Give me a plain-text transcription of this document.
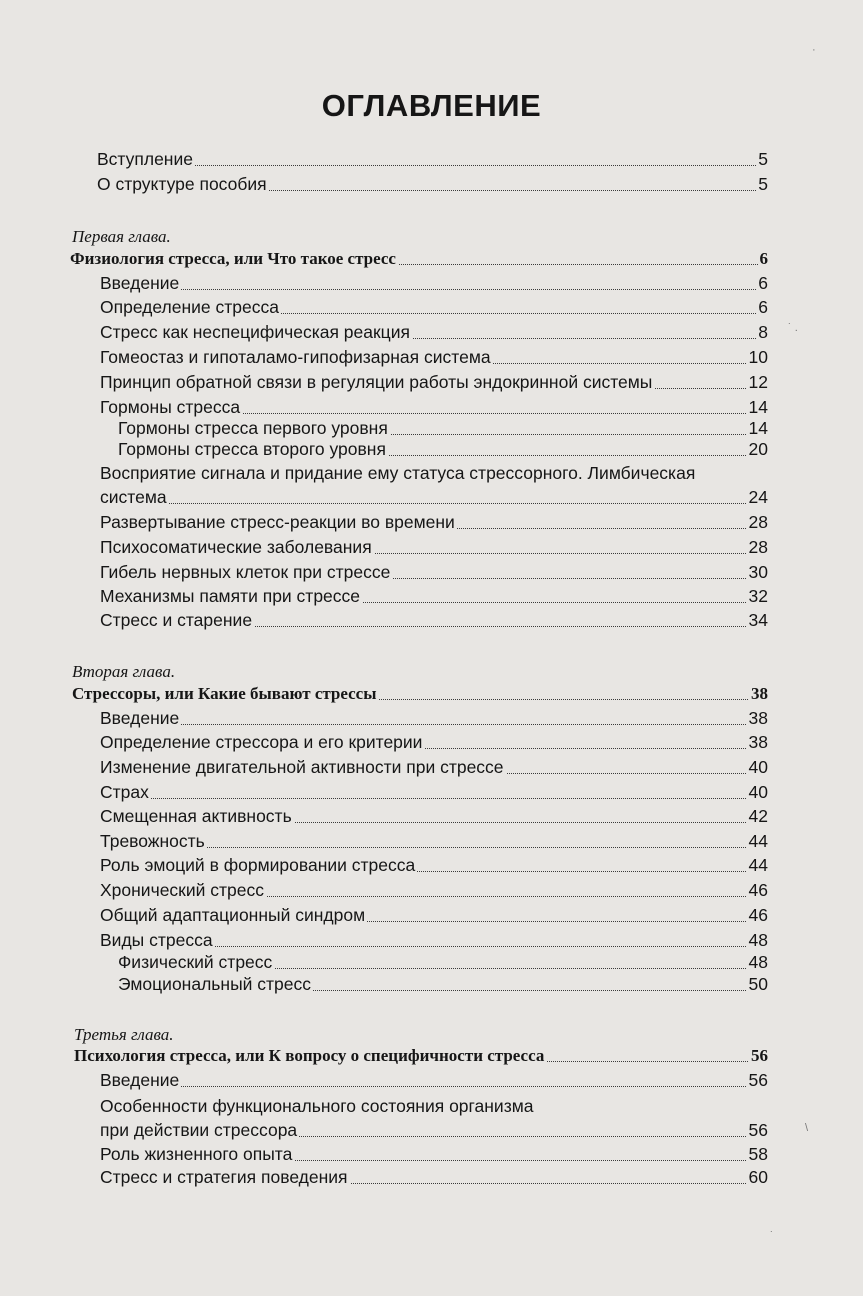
ОГЛАВЛЕНИЕ
Вступление	5
О структуре пособия	5
Первая глава.
Физиология стресса, или Что такое стресс	6
Введение	6
Определение стресса	6
Стресс как неспецифическая реакция	8
Гомеостаз и гипоталамо-гипофизарная система	10
Принцип обратной связи в регуляции работы эндокринной системы	12
Гормоны стресса	14
Гормоны стресса первого уровня	14
Гормоны стресса второго уровня	20
Восприятие сигнала и придание ему статуса стрессорного. Лимбическая
система	24
Развертывание стресс-реакции во времени	28
Психосоматические заболевания	28
Гибель нервных клеток при стрессе	30
Механизмы памяти при стрессе	32
Стресс и старение	34
Вторая глава.
Стрессоры, или Какие бывают стрессы	38
Введение	38
Определение стрессора и его критерии	38
Изменение двигательной активности при стрессе	40
Страх	40
Смещенная активность	42
Тревожность	44
Роль эмоций в формировании стресса	44
Хронический стресс	46
Общий адаптационный синдром	46
Виды стресса	48
Физический стресс	48
Эмоциональный стресс	50
Третья глава.
Психология стресса, или К вопросу о специфичности стресса	56
Введение	56
Особенности функционального состояния организма
при действии стрессора	56
Роль жизненного опыта	58
Стресс и стратегия поведения	60
˙ .
\
˙
·
